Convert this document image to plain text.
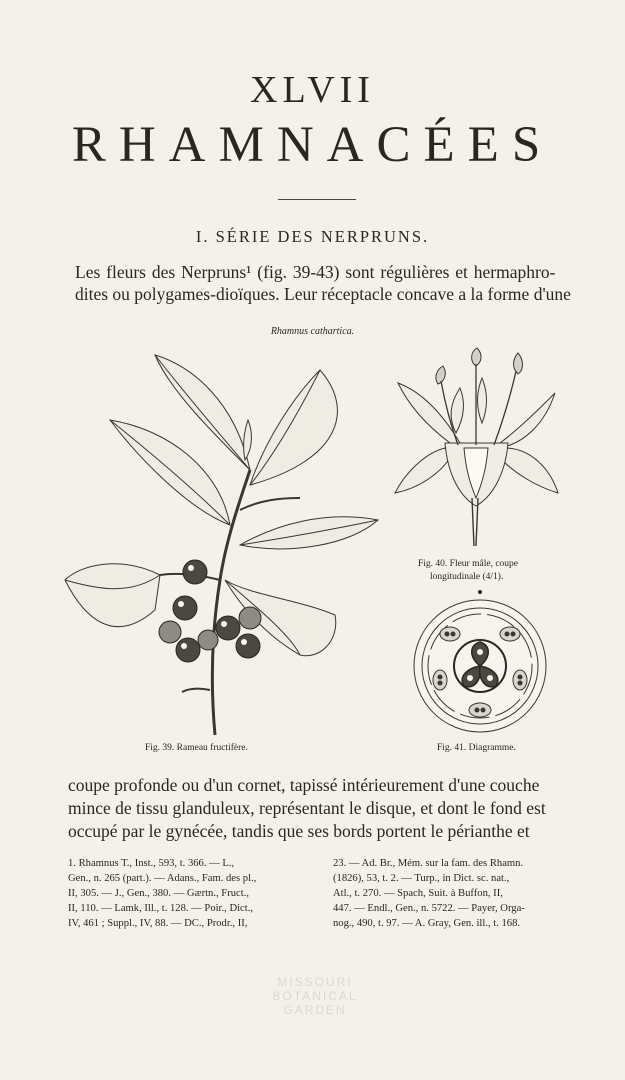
XLVII
RHAMNACÉES
I. SÉRIE DES NERPRUNS.
Les fleurs des Nerpruns¹ (fig. 39-43) sont régulières et hermaphro-
dites ou polygames-dioïques. Leur réceptacle concave a la forme d'une
Rhamnus cathartica.
Fig. 39. Rameau fructifère.
Fig. 40. Fleur mâle, coupe
longitudinale (4/1).
Fig. 41. Diagramme.
coupe profonde ou d'un cornet, tapissé intérieurement d'une couche
mince de tissu glanduleux, représentant le disque, et dont le fond est
occupé par le gynécée, tandis que ses bords portent le périanthe et
1. Rhamnus T., Inst., 593, t. 366. — L.,
Gen., n. 265 (part.). — Adans., Fam. des pl.,
II, 305. — J., Gen., 380. — Gærtn., Fruct.,
II, 110. — Lamk, Ill., t. 128. — Poir., Dict.,
IV, 461 ; Suppl., IV, 88. — DC., Prodr., II,
23. — Ad. Br., Mém. sur la fam. des Rhamn.
(1826), 53, t. 2. — Turp., in Dict. sc. nat.,
Atl., t. 270. — Spach, Suit. à Buffon, II,
447. — Endl., Gen., n. 5722. — Payer, Orga-
nog., 490, t. 97. — A. Gray, Gen. ill., t. 168.
MISSOURI
BOTANICAL
GARDEN
